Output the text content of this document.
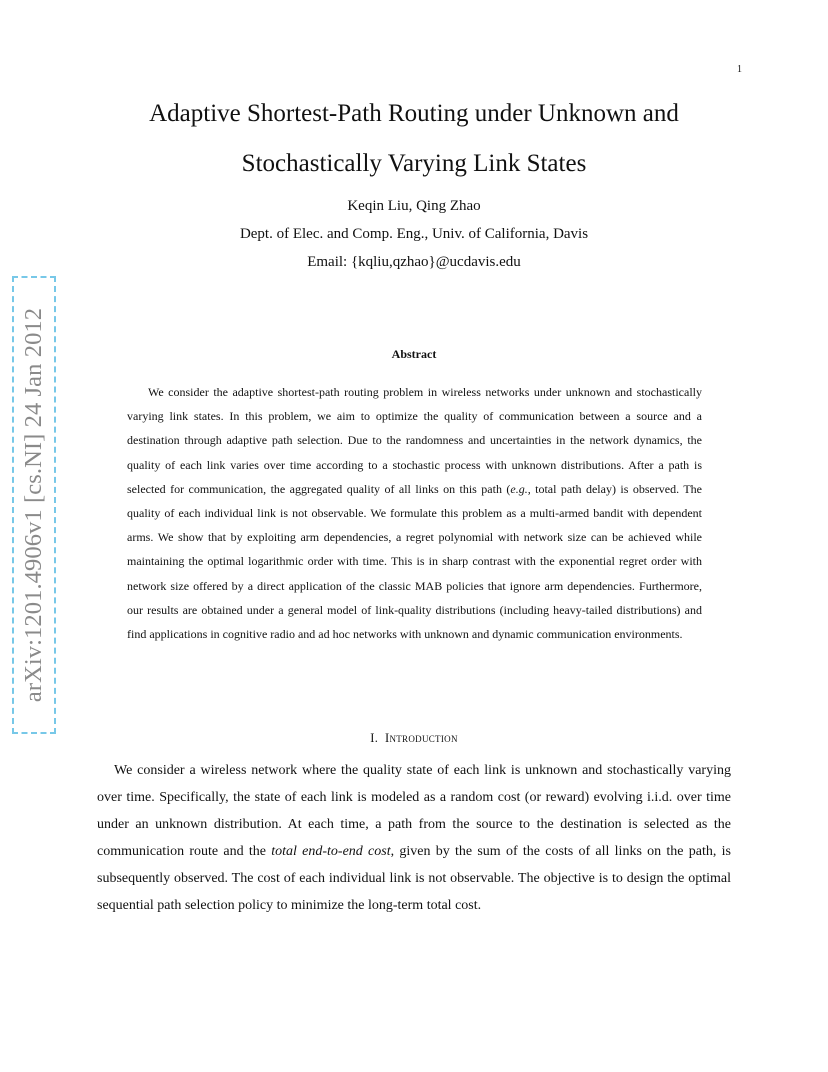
1
arXiv:1201.4906v1 [cs.NI] 24 Jan 2012
Adaptive Shortest-Path Routing under Unknown and
Stochastically Varying Link States
Keqin Liu, Qing Zhao
Dept. of Elec. and Comp. Eng., Univ. of California, Davis
Email: {kqliu,qzhao}@ucdavis.edu
Abstract

We consider the adaptive shortest-path routing problem in wireless networks under unknown and stochastically varying link states. In this problem, we aim to optimize the quality of communication between a source and a destination through adaptive path selection. Due to the randomness and uncertainties in the network dynamics, the quality of each link varies over time according to a stochastic process with unknown distributions. After a path is selected for communication, the aggregated quality of all links on this path (e.g., total path delay) is observed. The quality of each individual link is not observable. We formulate this problem as a multi-armed bandit with dependent arms. We show that by exploiting arm dependencies, a regret polynomial with network size can be achieved while maintaining the optimal logarithmic order with time. This is in sharp contrast with the exponential regret order with network size offered by a direct application of the classic MAB policies that ignore arm dependencies. Furthermore, our results are obtained under a general model of link-quality distributions (including heavy-tailed distributions) and find applications in cognitive radio and ad hoc networks with unknown and dynamic communication environments.

I. Introduction

We consider a wireless network where the quality state of each link is unknown and stochastically varying over time. Specifically, the state of each link is modeled as a random cost (or reward) evolving i.i.d. over time under an unknown distribution. At each time, a path from the source to the destination is selected as the communication route and the total end-to-end cost, given by the sum of the costs of all links on the path, is subsequently observed. The cost of each individual link is not observable. The objective is to design the optimal sequential path selection policy to minimize the long-term total cost.
